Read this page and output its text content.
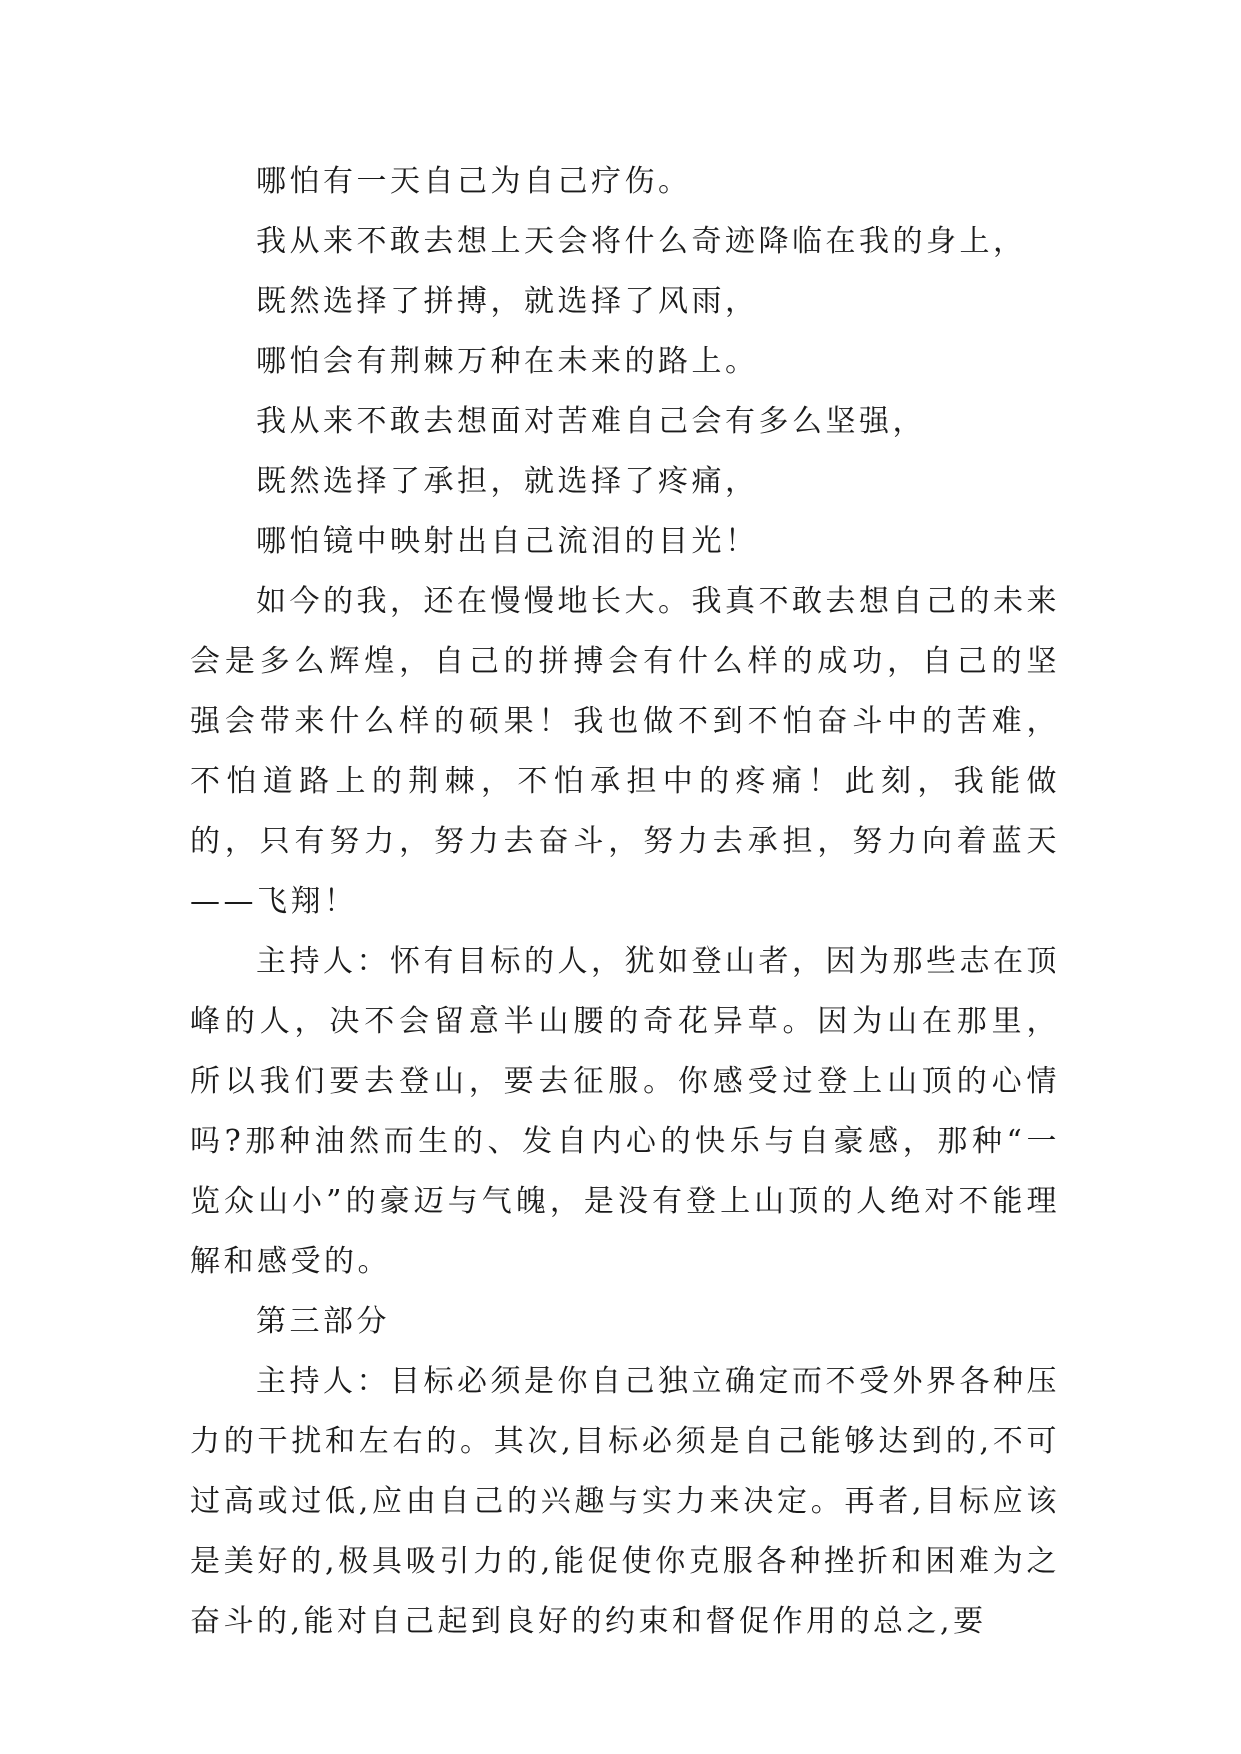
哪怕有一天自己为自己疗伤。

我从来不敢去想上天会将什么奇迹降临在我的身上，

既然选择了拼搏，就选择了风雨，

哪怕会有荆棘万种在未来的路上。

我从来不敢去想面对苦难自己会有多么坚强，

既然选择了承担，就选择了疼痛，

哪怕镜中映射出自己流泪的目光！

如今的我，还在慢慢地长大。我真不敢去想自己的未来会是多么辉煌，自己的拼搏会有什么样的成功，自己的坚强会带来什么样的硕果！我也做不到不怕奋斗中的苦难，不怕道路上的荆棘，不怕承担中的疼痛！此刻，我能做的，只有努力，努力去奋斗，努力去承担，努力向着蓝天——飞翔！

主持人：怀有目标的人，犹如登山者，因为那些志在顶峰的人，决不会留意半山腰的奇花异草。因为山在那里，所以我们要去登山，要去征服。你感受过登上山顶的心情吗?那种油然而生的、发自内心的快乐与自豪感，那种“一览众山小”的豪迈与气魄，是没有登上山顶的人绝对不能理解和感受的。

第三部分

主持人：目标必须是你自己独立确定而不受外界各种压力的干扰和左右的。其次,目标必须是自己能够达到的,不可过高或过低,应由自己的兴趣与实力来决定。再者,目标应该是美好的,极具吸引力的,能促使你克服各种挫折和困难为之奋斗的,能对自己起到良好的约束和督促作用的总之,要
